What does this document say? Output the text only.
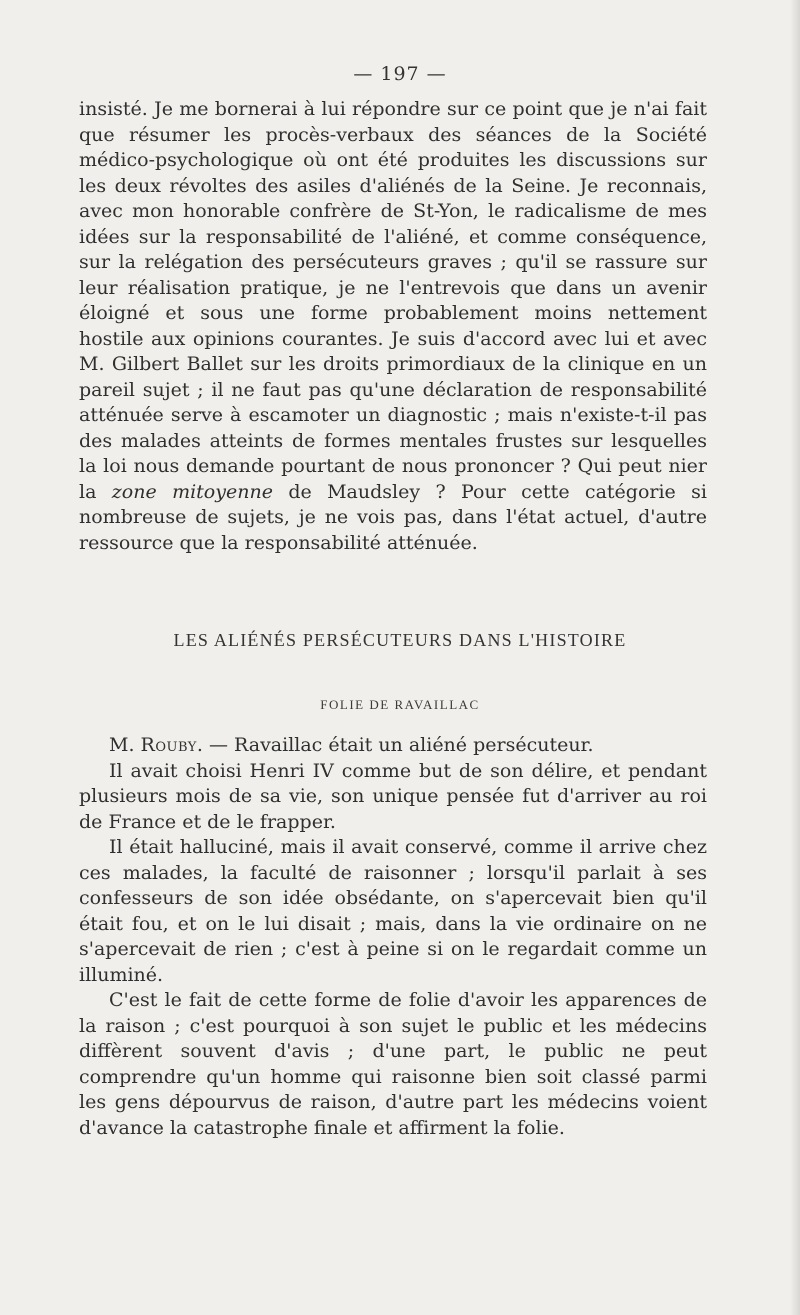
— 197 —

insisté. Je me bornerai à lui répondre sur ce point que je n'ai fait que résumer les procès-verbaux des séances de la Société médico-psychologique où ont été produites les discussions sur les deux révoltes des asiles d'aliénés de la Seine. Je reconnais, avec mon honorable confrère de St-Yon, le radicalisme de mes idées sur la responsabilité de l'aliéné, et comme conséquence, sur la relégation des persécuteurs graves ; qu'il se rassure sur leur réalisation pratique, je ne l'entrevois que dans un avenir éloigné et sous une forme probablement moins nettement hostile aux opinions courantes. Je suis d'accord avec lui et avec M. Gilbert Ballet sur les droits primordiaux de la clinique en un pareil sujet ; il ne faut pas qu'une déclaration de responsabilité atténuée serve à escamoter un diagnostic ; mais n'existe-t-il pas des malades atteints de formes mentales frustes sur lesquelles la loi nous demande pourtant de nous prononcer ? Qui peut nier la zone mitoyenne de Maudsley ? Pour cette catégorie si nombreuse de sujets, je ne vois pas, dans l'état actuel, d'autre ressource que la responsabilité atténuée.

LES ALIÉNÉS PERSÉCUTEURS DANS L'HISTOIRE
FOLIE DE RAVAILLAC
M. Rouby. — Ravaillac était un aliéné persécuteur.
Il avait choisi Henri IV comme but de son délire, et pendant plusieurs mois de sa vie, son unique pensée fut d'arriver au roi de France et de le frapper.
Il était halluciné, mais il avait conservé, comme il arrive chez ces malades, la faculté de raisonner ; lorsqu'il parlait à ses confesseurs de son idée obsédante, on s'apercevait bien qu'il était fou, et on le lui disait ; mais, dans la vie ordinaire on ne s'apercevait de rien ; c'est à peine si on le regardait comme un illuminé.
C'est le fait de cette forme de folie d'avoir les apparences de la raison ; c'est pourquoi à son sujet le public et les médecins diffèrent souvent d'avis ; d'une part, le public ne peut comprendre qu'un homme qui raisonne bien soit classé parmi les gens dépourvus de raison, d'autre part les médecins voient d'avance la catastrophe finale et affirment la folie.
